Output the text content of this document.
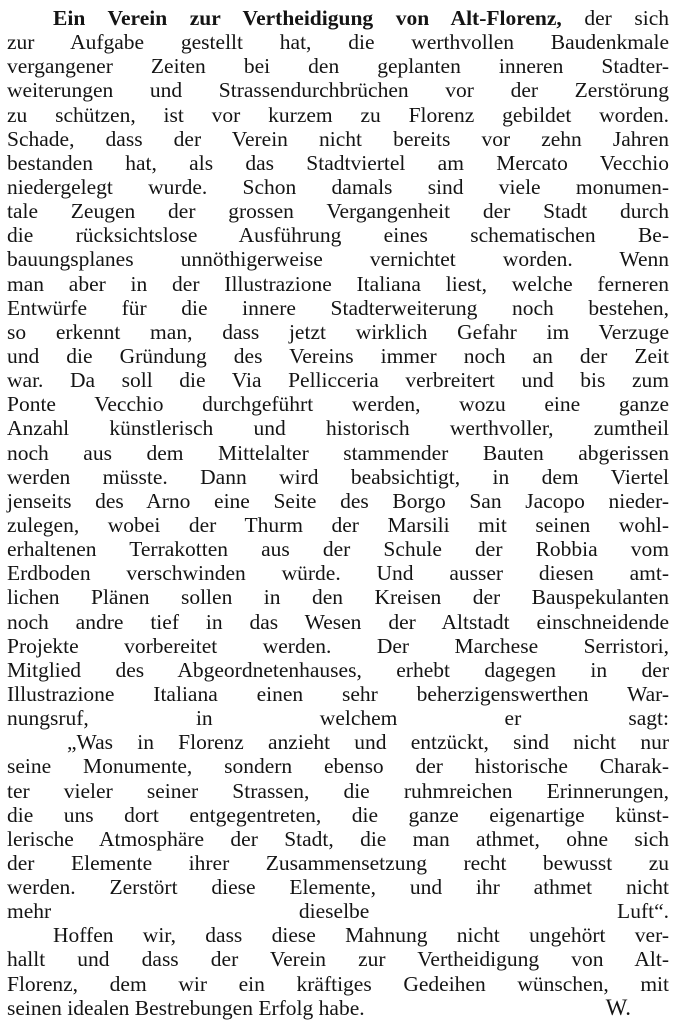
Ein Verein zur Vertheidigung von Alt-Florenz, der sich
zur Aufgabe gestellt hat, die werthvollen Baudenkmale
vergangener Zeiten bei den geplanten inneren Stadter-
weiterungen und Strassendurchbrüchen vor der Zerstörung
zu schützen, ist vor kurzem zu Florenz gebildet worden.
Schade, dass der Verein nicht bereits vor zehn Jahren
bestanden hat, als das Stadtviertel am Mercato Vecchio
niedergelegt wurde. Schon damals sind viele monumen-
tale Zeugen der grossen Vergangenheit der Stadt durch
die rücksichtslose Ausführung eines schematischen Be-
bauungsplanes unnöthigerweise vernichtet worden. Wenn
man aber in der Illustrazione Italiana liest, welche ferneren
Entwürfe für die innere Stadterweiterung noch bestehen,
so erkennt man, dass jetzt wirklich Gefahr im Verzuge
und die Gründung des Vereins immer noch an der Zeit
war. Da soll die Via Pellicceria verbreitert und bis zum
Ponte Vecchio durchgeführt werden, wozu eine ganze
Anzahl künstlerisch und historisch werthvoller, zumtheil
noch aus dem Mittelalter stammender Bauten abgerissen
werden müsste. Dann wird beabsichtigt, in dem Viertel
jenseits des Arno eine Seite des Borgo San Jacopo nieder-
zulegen, wobei der Thurm der Marsili mit seinen wohl-
erhaltenen Terrakotten aus der Schule der Robbia vom
Erdboden verschwinden würde. Und ausser diesen amt-
lichen Plänen sollen in den Kreisen der Bauspekulanten
noch andre tief in das Wesen der Altstadt einschneidende
Projekte vorbereitet werden. Der Marchese Serristori,
Mitglied des Abgeordnetenhauses, erhebt dagegen in der
Illustrazione Italiana einen sehr beherzigenswerthen War-
nungsruf, in welchem er sagt:
„Was in Florenz anzieht und entzückt, sind nicht nur
seine Monumente, sondern ebenso der historische Charak-
ter vieler seiner Strassen, die ruhmreichen Erinnerungen,
die uns dort entgegentreten, die ganze eigenartige künst-
lerische Atmosphäre der Stadt, die man athmet, ohne sich
der Elemente ihrer Zusammensetzung recht bewusst zu
werden. Zerstört diese Elemente, und ihr athmet nicht
mehr dieselbe Luft“.
Hoffen wir, dass diese Mahnung nicht ungehört ver-
hallt und dass der Verein zur Vertheidigung von Alt-
Florenz, dem wir ein kräftiges Gedeihen wünschen, mit
seinen idealen Bestrebungen Erfolg habe.	W.
